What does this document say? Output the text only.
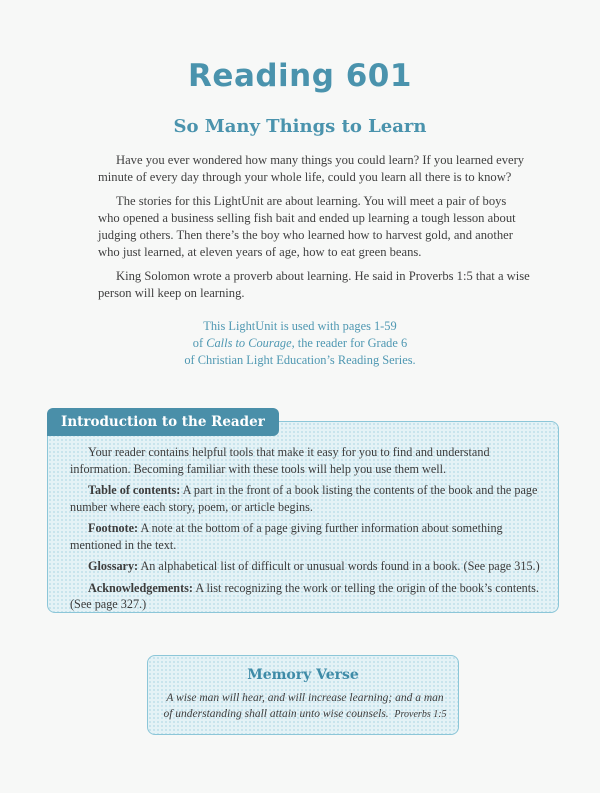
Reading 601
So Many Things to Learn

Have you ever wondered how many things you could learn? If you learned every minute of every day through your whole life, could you learn all there is to know?

The stories for this LightUnit are about learning. You will meet a pair of boys who opened a business selling fish bait and ended up learning a tough lesson about judging others. Then there’s the boy who learned how to harvest gold, and another who just learned, at eleven years of age, how to eat green beans.

King Solomon wrote a proverb about learning. He said in Proverbs 1:5 that a wise person will keep on learning.

This LightUnit is used with pages 1-59
of Calls to Courage, the reader for Grade 6
of Christian Light Education’s Reading Series.
Introduction to the Reader

Your reader contains helpful tools that make it easy for you to find and understand information. Becoming familiar with these tools will help you use them well.

Table of contents: A part in the front of a book listing the contents of the book and the page number where each story, poem, or article begins.

Footnote: A note at the bottom of a page giving further information about something mentioned in the text.

Glossary: An alphabetical list of difficult or unusual words found in a book. (See page 315.)

Acknowledgements: A list recognizing the work or telling the origin of the book’s contents. (See page 327.)

Memory Verse
A wise man will hear, and will increase learning; and a man
of understanding shall attain unto wise counsels. Proverbs 1:5
